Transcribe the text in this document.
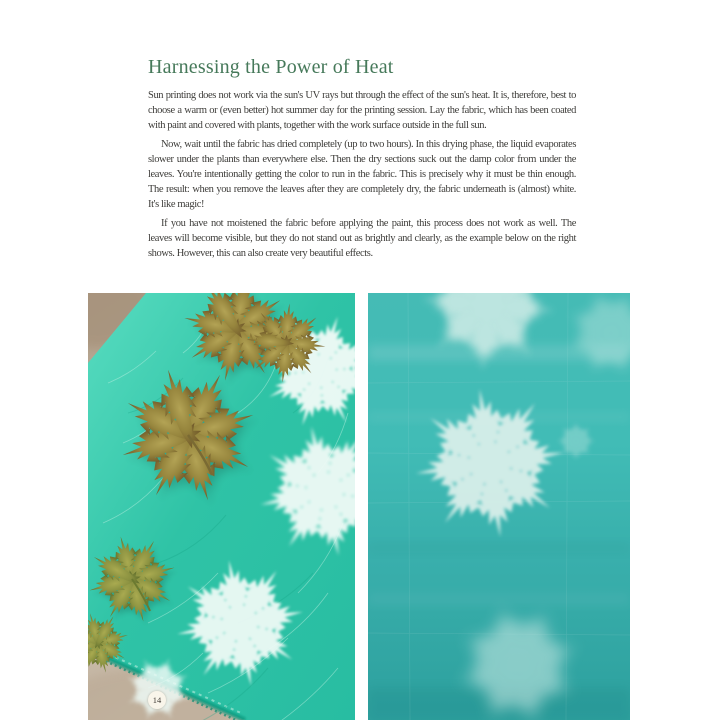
Harnessing the Power of Heat

Sun printing does not work via the sun's UV rays but through the effect of the sun's heat. It is, therefore, best to choose a warm or (even better) hot summer day for the printing session. Lay the fabric, which has been coated with paint and covered with plants, together with the work surface outside in the full sun.

Now, wait until the fabric has dried completely (up to two hours). In this drying phase, the liquid evaporates slower under the plants than everywhere else. Then the dry sections suck out the damp color from under the leaves. You're intentionally getting the color to run in the fabric. This is precisely why it must be thin enough. The result: when you remove the leaves after they are completely dry, the fabric underneath is (almost) white. It's like magic!

If you have not moistened the fabric before applying the paint, this process does not work as well. The leaves will become visible, but they do not stand out as brightly and clearly, as the example below on the right shows. However, this can also create very beautiful effects.

14
